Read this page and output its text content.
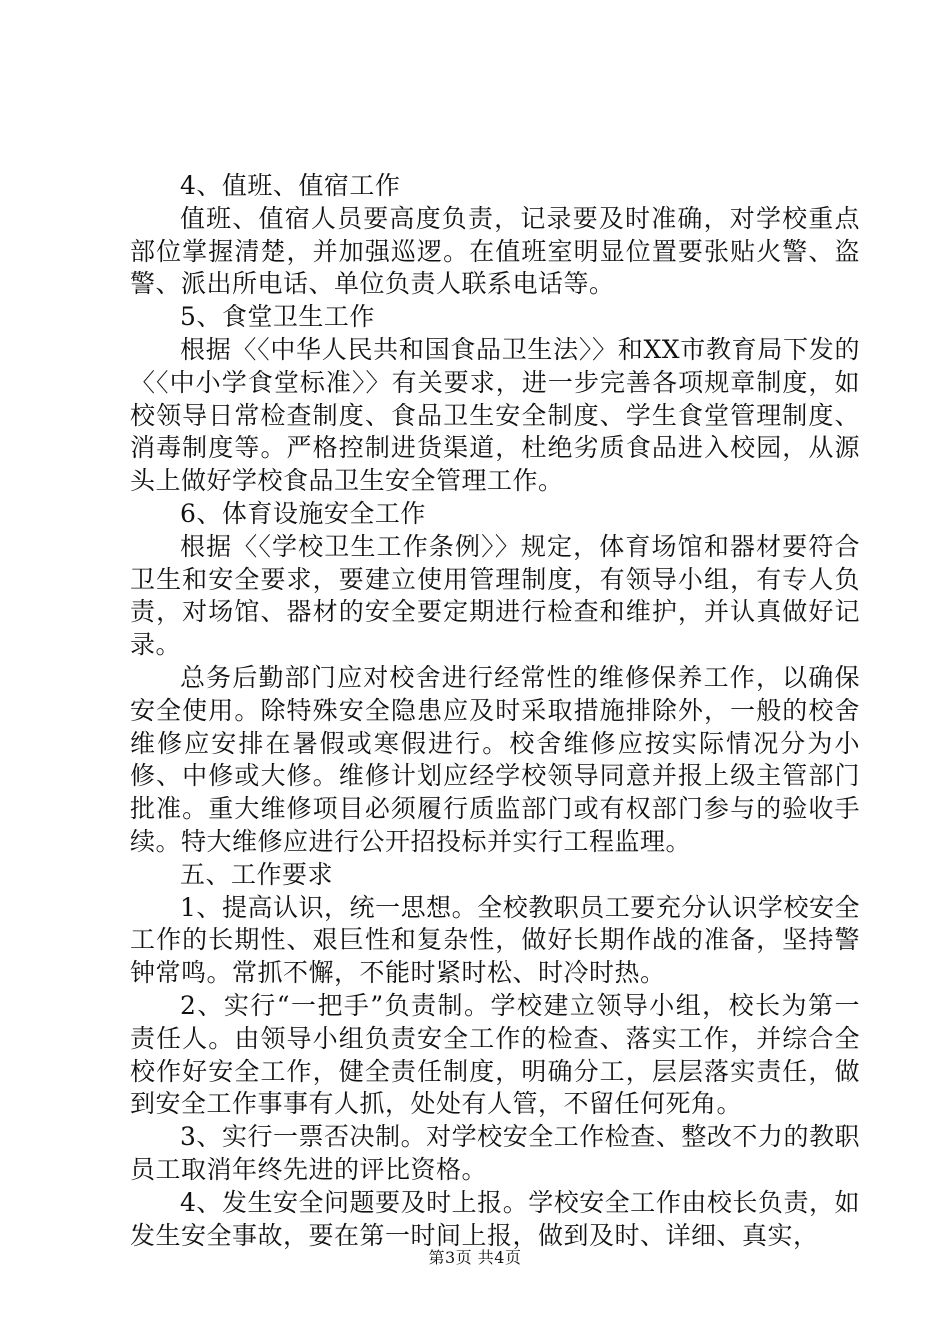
4、值班、值宿工作

值班、值宿人员要高度负责，记录要及时准确，对学校重点部位掌握清楚，并加强巡逻。在值班室明显位置要张贴火警、盗警、派出所电话、单位负责人联系电话等。

5、食堂卫生工作

根据〈〈中华人民共和国食品卫生法〉〉和XX市教育局下发的〈〈中小学食堂标准〉〉有关要求，进一步完善各项规章制度，如校领导日常检查制度、食品卫生安全制度、学生食堂管理制度、消毒制度等。严格控制进货渠道，杜绝劣质食品进入校园，从源头上做好学校食品卫生安全管理工作。

6、体育设施安全工作

根据〈〈学校卫生工作条例〉〉规定，体育场馆和器材要符合卫生和安全要求，要建立使用管理制度，有领导小组，有专人负责，对场馆、器材的安全要定期进行检查和维护，并认真做好记录。

总务后勤部门应对校舍进行经常性的维修保养工作，以确保安全使用。除特殊安全隐患应及时采取措施排除外，一般的校舍维修应安排在暑假或寒假进行。校舍维修应按实际情况分为小修、中修或大修。维修计划应经学校领导同意并报上级主管部门批准。重大维修项目必须履行质监部门或有权部门参与的验收手续。特大维修应进行公开招投标并实行工程监理。

五、工作要求

1、提高认识，统一思想。全校教职员工要充分认识学校安全工作的长期性、艰巨性和复杂性，做好长期作战的准备，坚持警钟常鸣。常抓不懈，不能时紧时松、时冷时热。

2、实行“一把手”负责制。学校建立领导小组，校长为第一责任人。由领导小组负责安全工作的检查、落实工作，并综合全校作好安全工作，健全责任制度，明确分工，层层落实责任，做到安全工作事事有人抓，处处有人管，不留任何死角。

3、实行一票否决制。对学校安全工作检查、整改不力的教职员工取消年终先进的评比资格。

4、发生安全问题要及时上报。学校安全工作由校长负责，如发生安全事故，要在第一时间上报，做到及时、详细、真实，

第3页 共4页
